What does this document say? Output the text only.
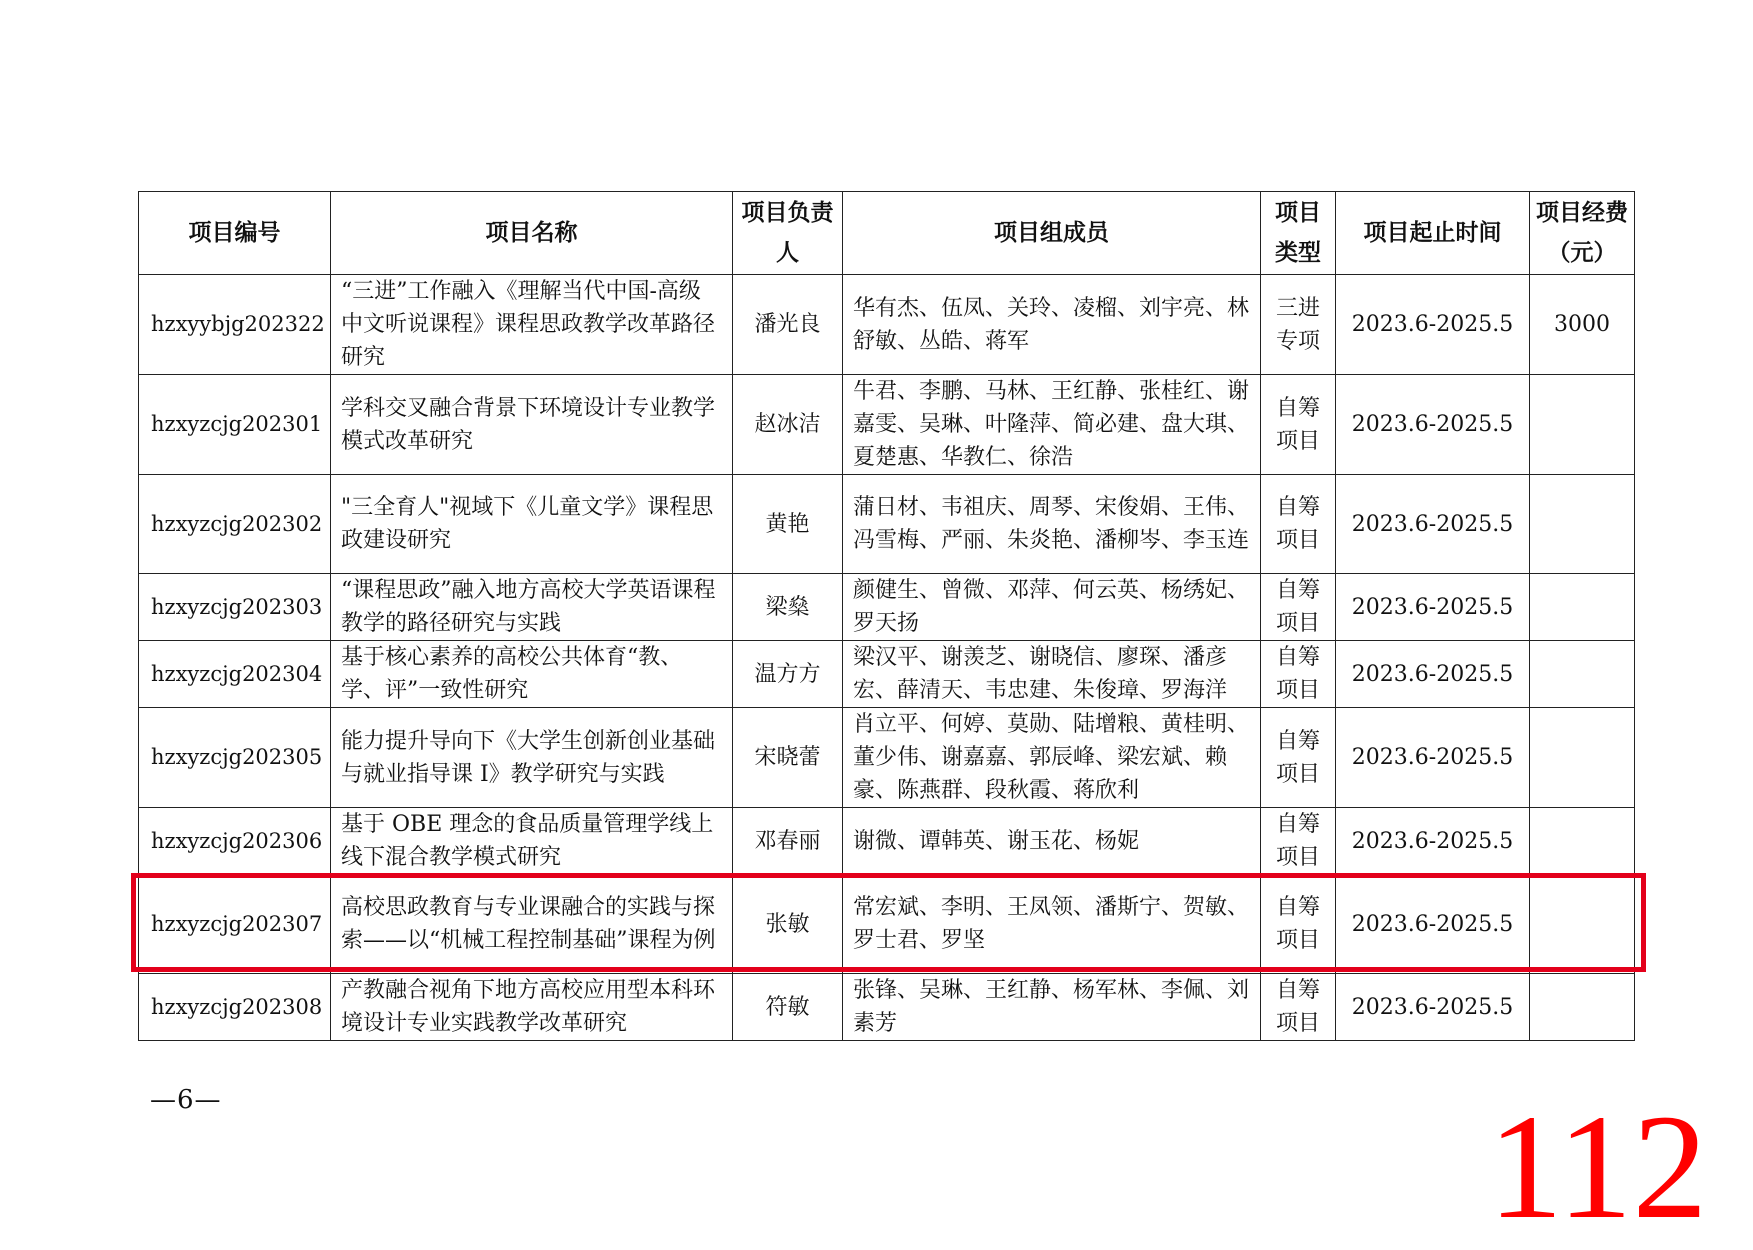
项目编号	项目名称	项目负责人	项目组成员	项目类型	项目起止时间	项目经费（元）
hzxyybjg202322	“三进”工作融入《理解当代中国-高级中文听说课程》课程思政教学改革路径研究	潘光良	华有杰、伍凤、关玲、凌榴、刘宇亮、林舒敏、丛皓、蒋军	三进专项	2023.6-2025.5	3000
hzxyzcjg202301	学科交叉融合背景下环境设计专业教学模式改革研究	赵冰洁	牛君、李鹏、马林、王红静、张桂红、谢嘉雯、吴琳、叶隆萍、简必建、盘大琪、夏楚惠、华教仁、徐浩	自筹项目	2023.6-2025.5	
hzxyzcjg202302	"三全育人"视域下《儿童文学》课程思政建设研究	黄艳	蒲日材、韦祖庆、周琴、宋俊娟、王伟、冯雪梅、严丽、朱炎艳、潘柳岑、李玉连	自筹项目	2023.6-2025.5	
hzxyzcjg202303	“课程思政”融入地方高校大学英语课程教学的路径研究与实践	梁燊	颜健生、曾微、邓萍、何云英、杨绣妃、罗天扬	自筹项目	2023.6-2025.5	
hzxyzcjg202304	基于核心素养的高校公共体育“教、学、评”一致性研究	温方方	梁汉平、谢羡芝、谢晓信、廖琛、潘彦宏、薛清天、韦忠建、朱俊璋、罗海洋	自筹项目	2023.6-2025.5	
hzxyzcjg202305	能力提升导向下《大学生创新创业基础与就业指导课 I》教学研究与实践	宋晓蕾	肖立平、何婷、莫勋、陆增粮、黄桂明、董少伟、谢嘉嘉、郭辰峰、梁宏斌、赖豪、陈燕群、段秋霞、蒋欣利	自筹项目	2023.6-2025.5	
hzxyzcjg202306	基于 OBE 理念的食品质量管理学线上线下混合教学模式研究	邓春丽	谢微、谭韩英、谢玉花、杨妮	自筹项目	2023.6-2025.5	
hzxyzcjg202307	高校思政教育与专业课融合的实践与探索——以“机械工程控制基础”课程为例	张敏	常宏斌、李明、王凤领、潘斯宁、贺敏、罗士君、罗坚	自筹项目	2023.6-2025.5	
hzxyzcjg202308	产教融合视角下地方高校应用型本科环境设计专业实践教学改革研究	符敏	张锋、吴琳、王红静、杨军林、李佩、刘素芳	自筹项目	2023.6-2025.5	
—6—	112
